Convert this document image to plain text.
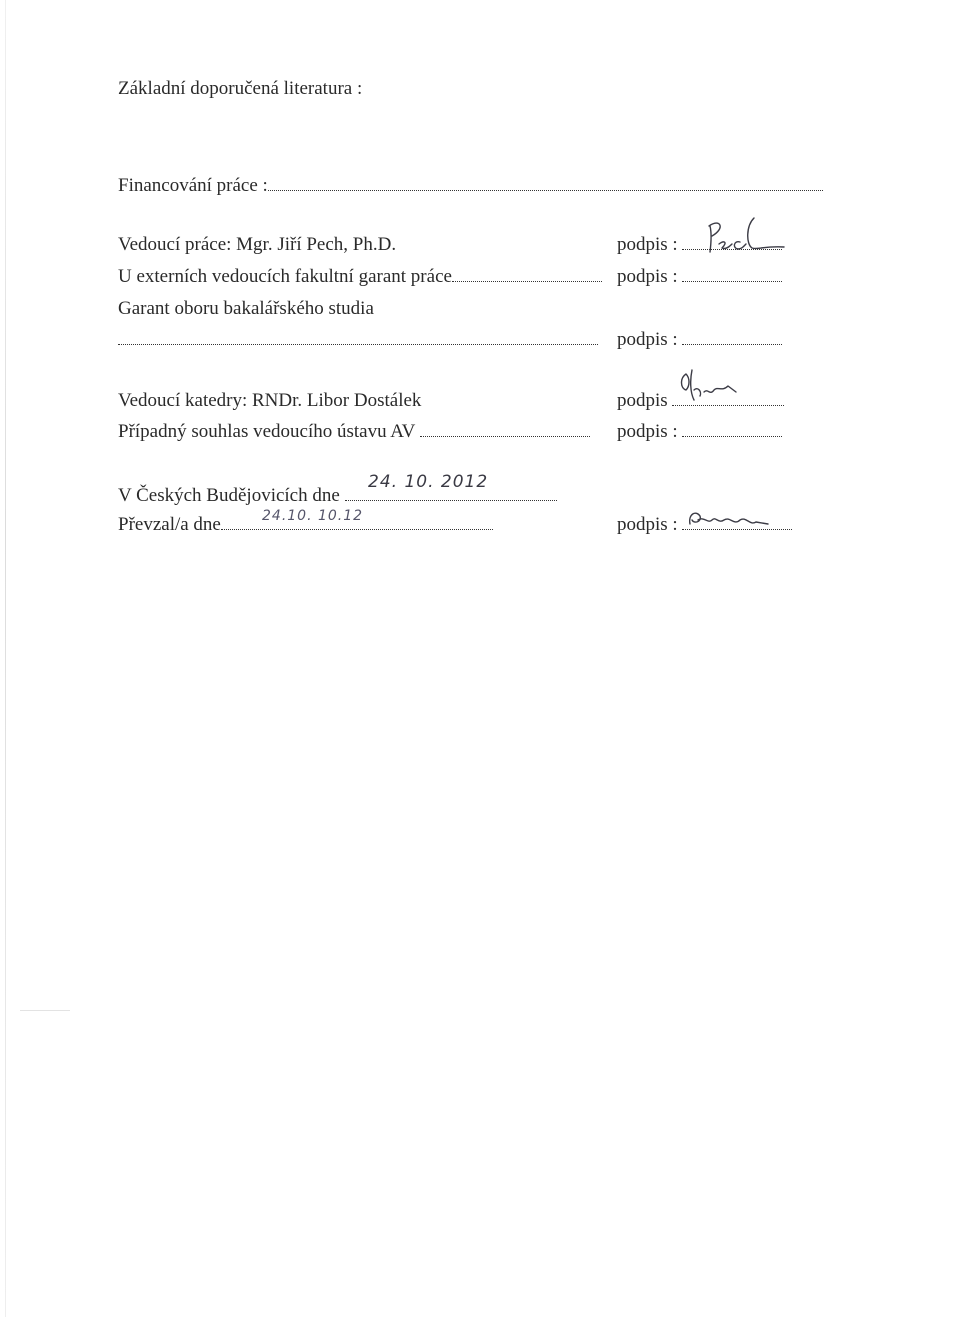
Základní doporučená literatura :
Financování práce :
Vedoucí práce: Mgr. Jiří Pech, Ph.D.	podpis :
U externích vedoucích fakultní garant práce	podpis :
Garant oboru bakalářského studia
podpis :
Vedoucí katedry: RNDr. Libor Dostálek	podpis
Případný souhlas vedoucího ústavu AV	podpis :
V Českých Budějovicích dne
24. 10. 2012
Převzal/a dne	24.10. 10.12	podpis :
